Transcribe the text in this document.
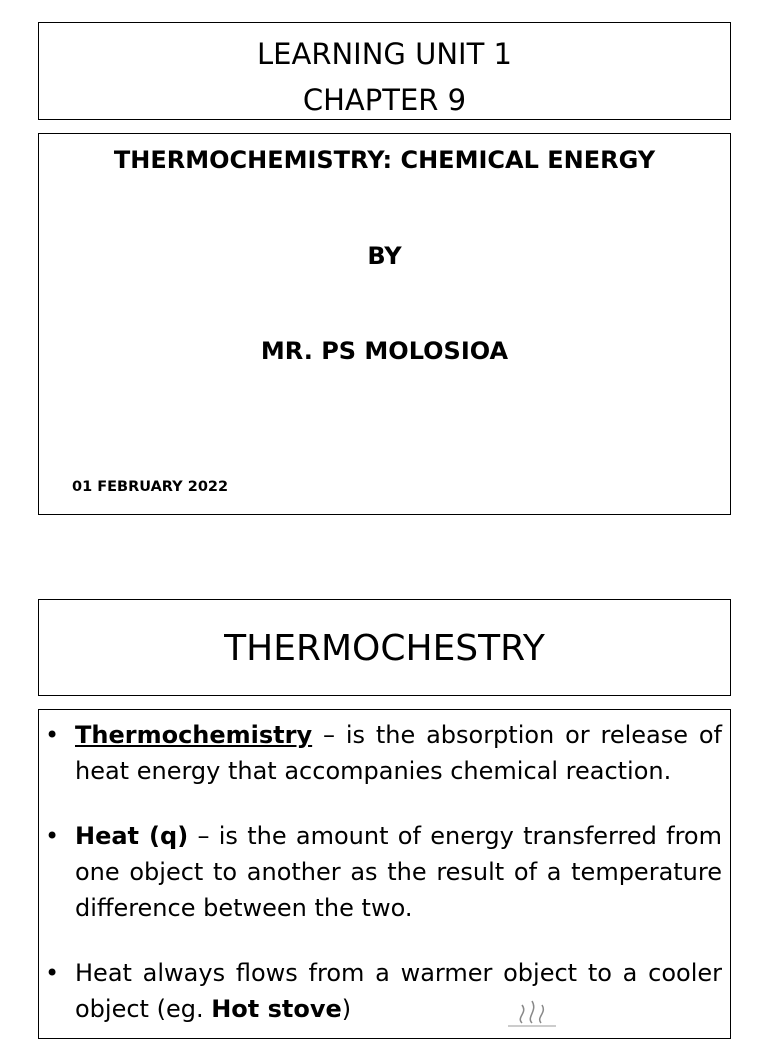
LEARNING UNIT 1
CHAPTER 9
THERMOCHEMISTRY: CHEMICAL ENERGY
BY
MR. PS MOLOSIOA
01 FEBRUARY 2022
THERMOCHESTRY
• Thermochemistry – is the absorption or release of heat energy that accompanies chemical reaction.
• Heat (q) – is the amount of energy transferred from one object to another as the result of a temperature difference between the two.
• Heat always flows from a warmer object to a cooler object (eg. Hot stove)
